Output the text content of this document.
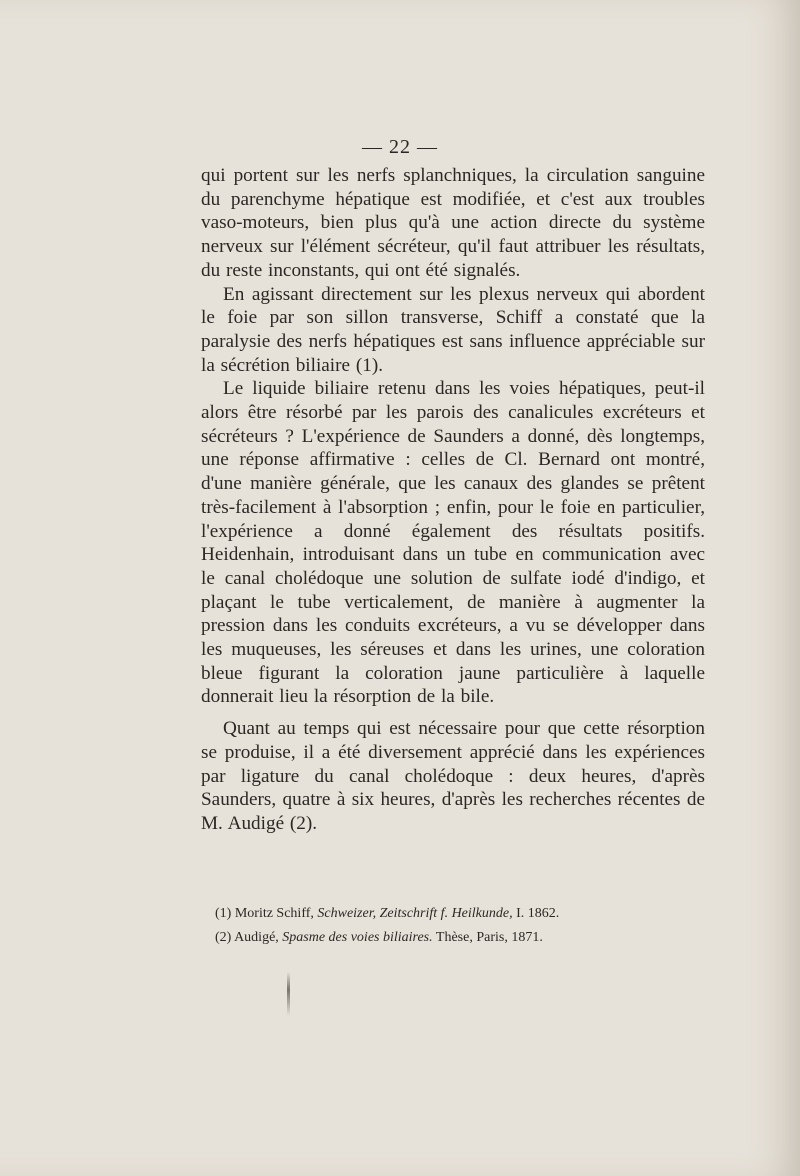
— 22 —

qui portent sur les nerfs splanchniques, la circulation sanguine du parenchyme hépatique est modifiée, et c'est aux troubles vaso-moteurs, bien plus qu'à une action directe du système nerveux sur l'élément sécréteur, qu'il faut attribuer les résultats, du reste inconstants, qui ont été signalés.

En agissant directement sur les plexus nerveux qui abordent le foie par son sillon transverse, Schiff a constaté que la paralysie des nerfs hépatiques est sans influence appréciable sur la sécrétion biliaire (1).

Le liquide biliaire retenu dans les voies hépatiques, peut-il alors être résorbé par les parois des canalicules excréteurs et sécréteurs ? L'expérience de Saunders a donné, dès longtemps, une réponse affirmative : celles de Cl. Bernard ont montré, d'une manière générale, que les canaux des glandes se prêtent très-facilement à l'absorption ; enfin, pour le foie en particulier, l'expérience a donné également des résultats positifs. Heidenhain, introduisant dans un tube en communication avec le canal cholédoque une solution de sulfate iodé d'indigo, et plaçant le tube verticalement, de manière à augmenter la pression dans les conduits excréteurs, a vu se développer dans les muqueuses, les séreuses et dans les urines, une coloration bleue figurant la coloration jaune particulière à laquelle donnerait lieu la résorption de la bile.

Quant au temps qui est nécessaire pour que cette résorption se produise, il a été diversement apprécié dans les expériences par ligature du canal cholédoque : deux heures, d'après Saunders, quatre à six heures, d'après les recherches récentes de M. Audigé (2).

(1) Moritz Schiff, Schweizer, Zeitschrift f. Heilkunde, I. 1862.

(2) Audigé, Spasme des voies biliaires. Thèse, Paris, 1871.
